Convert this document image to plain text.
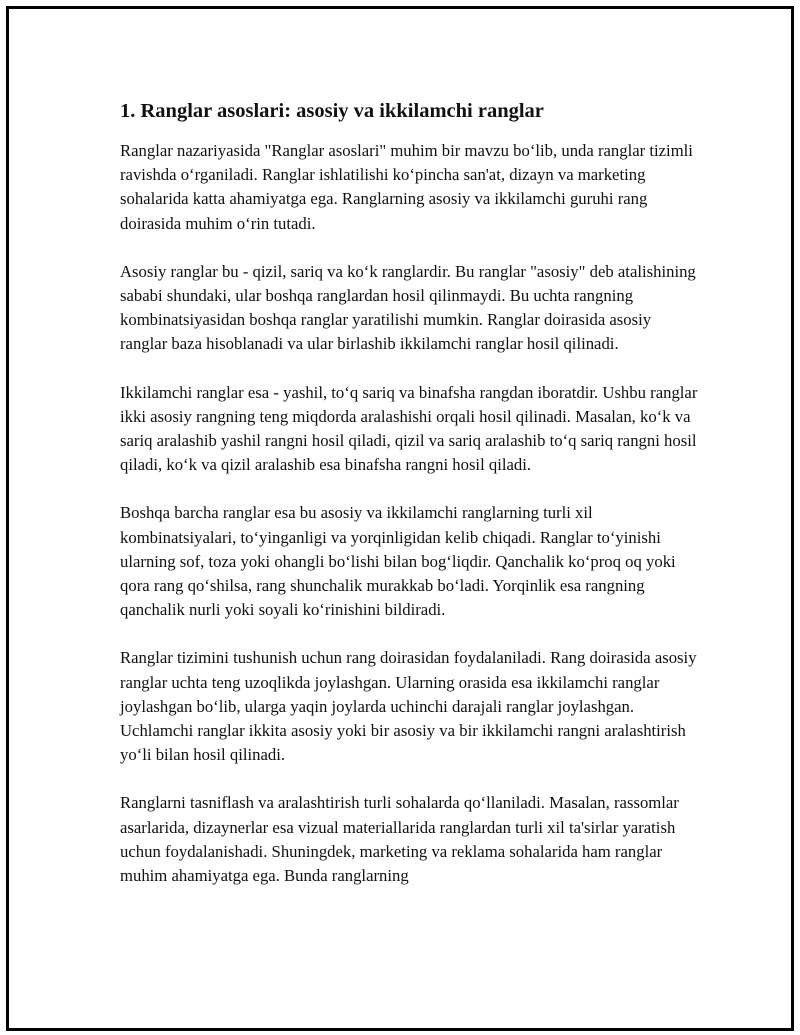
1. Ranglar asoslari: asosiy va ikkilamchi ranglar

Ranglar nazariyasida "Ranglar asoslari" muhim bir mavzu bo‘lib, unda ranglar tizimli ravishda o‘rganiladi. Ranglar ishlatilishi ko‘pincha san'at, dizayn va marketing sohalarida katta ahamiyatga ega. Ranglarning asosiy va ikkilamchi guruhi rang doirasida muhim o‘rin tutadi.

Asosiy ranglar bu - qizil, sariq va ko‘k ranglardir. Bu ranglar "asosiy" deb atalishining sababi shundaki, ular boshqa ranglardan hosil qilinmaydi. Bu uchta rangning kombinatsiyasidan boshqa ranglar yaratilishi mumkin. Ranglar doirasida asosiy ranglar baza hisoblanadi va ular birlashib ikkilamchi ranglar hosil qilinadi.

Ikkilamchi ranglar esa - yashil, to‘q sariq va binafsha rangdan iboratdir. Ushbu ranglar ikki asosiy rangning teng miqdorda aralashishi orqali hosil qilinadi. Masalan, ko‘k va sariq aralashib yashil rangni hosil qiladi, qizil va sariq aralashib to‘q sariq rangni hosil qiladi, ko‘k va qizil aralashib esa binafsha rangni hosil qiladi.

Boshqa barcha ranglar esa bu asosiy va ikkilamchi ranglarning turli xil kombinatsiyalari, to‘yinganligi va yorqinligidan kelib chiqadi. Ranglar to‘yinishi ularning sof, toza yoki ohangli bo‘lishi bilan bog‘liqdir. Qanchalik ko‘proq oq yoki qora rang qo‘shilsa, rang shunchalik murakkab bo‘ladi. Yorqinlik esa rangning qanchalik nurli yoki soyali ko‘rinishini bildiradi.

Ranglar tizimini tushunish uchun rang doirasidan foydalaniladi. Rang doirasida asosiy ranglar uchta teng uzoqlikda joylashgan. Ularning orasida esa ikkilamchi ranglar joylashgan bo‘lib, ularga yaqin joylarda uchinchi darajali ranglar joylashgan. Uchlamchi ranglar ikkita asosiy yoki bir asosiy va bir ikkilamchi rangni aralashtirish yo‘li bilan hosil qilinadi.

Ranglarni tasniflash va aralashtirish turli sohalarda qo‘llaniladi. Masalan, rassomlar asarlarida, dizaynerlar esa vizual materiallarida ranglardan turli xil ta'sirlar yaratish uchun foydalanishadi. Shuningdek, marketing va reklama sohalarida ham ranglar muhim ahamiyatga ega. Bunda ranglarning
